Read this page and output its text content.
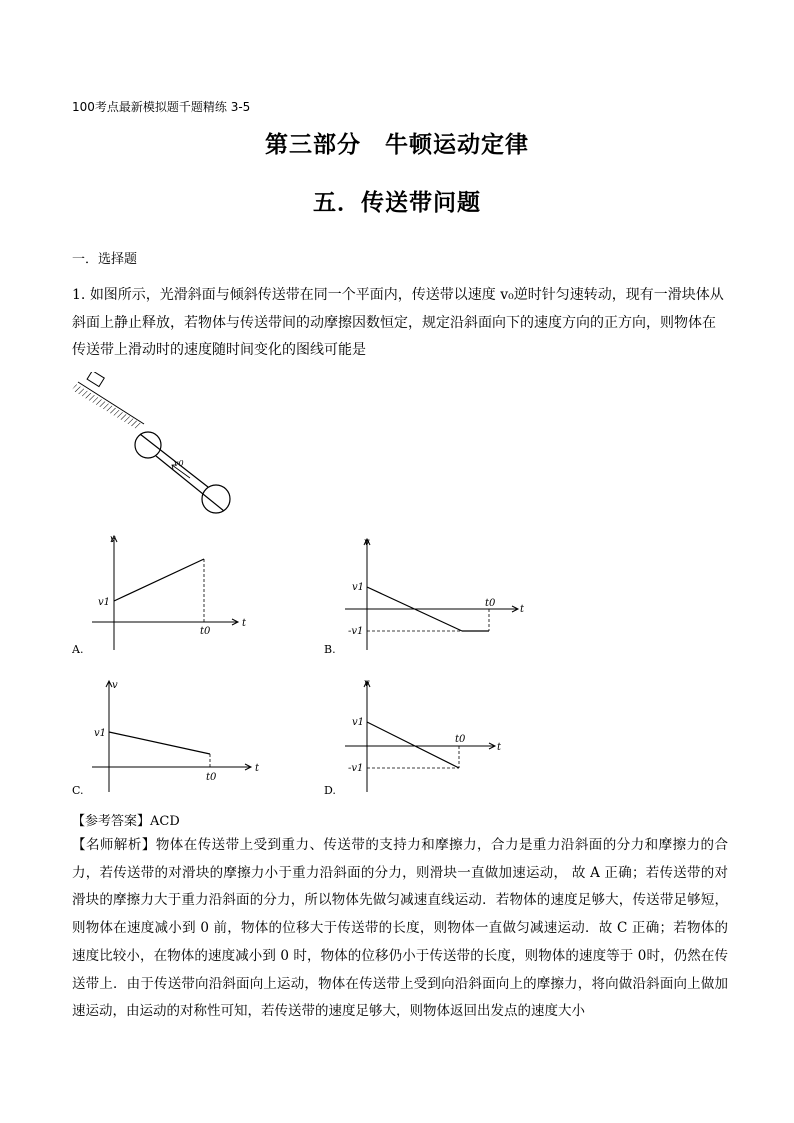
100考点最新模拟题千题精练 3-5
第三部分　牛顿运动定律
五．传送带问题
一．选择题
1. 如图所示，光滑斜面与倾斜传送带在同一个平面内，传送带以速度 v₀逆时针匀速转动，现有一滑块体从斜面上静止释放，若物体与传送带间的动摩擦因数恒定，规定沿斜面向下的速度方向的正方向，则物体在传送带上滑动时的速度随时间变化的图线可能是
v0
v
t
v1
t0
A.
v
t
v1
-v1
t0
B.
v
t
v1
t0
C.
v
t
v1
-v1
t0
D.
【参考答案】ACD
【名师解析】物体在传送带上受到重力、传送带的支持力和摩擦力，合力是重力沿斜面的分力和摩擦力的合力，若传送带的对滑块的摩擦力小于重力沿斜面的分力，则滑块一直做加速运动， 故 A 正确；若传送带的对滑块的摩擦力大于重力沿斜面的分力，所以物体先做匀减速直线运动．若物体的速度足够大，传送带足够短，则物体在速度减小到 0 前，物体的位移大于传送带的长度，则物体一直做匀减速运动．故 C 正确；若物体的速度比较小，在物体的速度减小到 0 时，物体的位移仍小于传送带的长度，则物体的速度等于 0时，仍然在传送带上．由于传送带向沿斜面向上运动，物体在传送带上受到向沿斜面向上的摩擦力，将向做沿斜面向上做加速运动，由运动的对称性可知，若传送带的速度足够大，则物体返回出发点的速度大小
